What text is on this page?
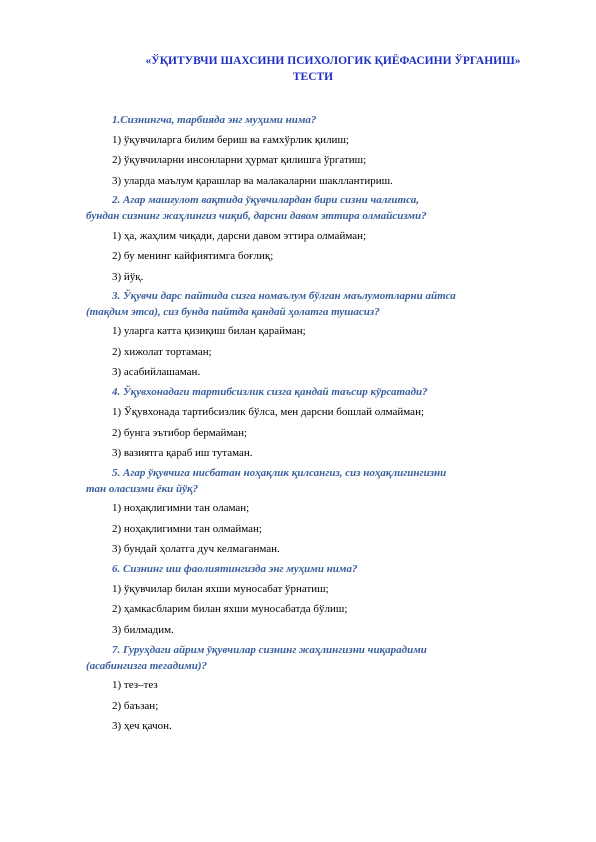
«ЎҚИТУВЧИ ШАХСИНИ ПСИХОЛОГИК ҚИЁФАСИНИ ЎРГАНИШ»
ТЕСТИ
1.Сизнингча, тарбияда энг муҳими нима?
1) ўқувчиларга билим бериш ва ғамхўрлик қилиш;
2) ўқувчиларни инсонларни ҳурмат қилишга ўргатиш;
3) уларда маълум қарашлар ва малакаларни шакллантириш.
2. Агар машғулот вақтида ўқувчилардан бири сизни чалғитса,
бундан сизнинг жаҳлингиз чиқиб, дарсни давом эттира олмайсизми?
1) ҳа, жаҳлим чиқади, дарсни давом эттира олмайман;
2) бу менинг кайфиятимга боғлиқ;
3) йўқ.
3. Ўқувчи дарс пайтида сизга номаълум бўлган маълумотларни айтса
(тақдим этса), сиз бунда пайтда қандай ҳолатга тушасиз?
1) уларга катта қизиқиш билан қарайман;
2) хижолат тортаман;
3) асабийлашаман.
4. Ўқувхонадаги тартибсизлик сизга қандай таъсир кўрсатади?
1) Ўқувхонада тартибсизлик бўлса, мен дарсни бошлай олмайман;
2) бунга эътибор бермайман;
3) вазиятга қараб иш тутаман.
5. Агар ўқувчига нисбатан ноҳақлик қилсангиз, сиз ноҳақлигингизни
тан оласизми ёки йўқ?
1) ноҳақлигимни тан оламан;
2) ноҳақлигимни тан олмайман;
3) бундай ҳолатга дуч келмаганман.
6. Сизнинг иш фаолиятингизда энг муҳими нима?
1) ўқувчилар билан яхши муносабат ўрнатиш;
2) ҳамкасбларим билан яхши муносабатда бўлиш;
3) билмадим.
7. Гуруҳдаги айрим ўқувчилар сизнинг жаҳлингизни чиқарадими
(асабингизга тегадими)?
1) тез–тез
2) баъзан;
3) ҳеч қачон.
